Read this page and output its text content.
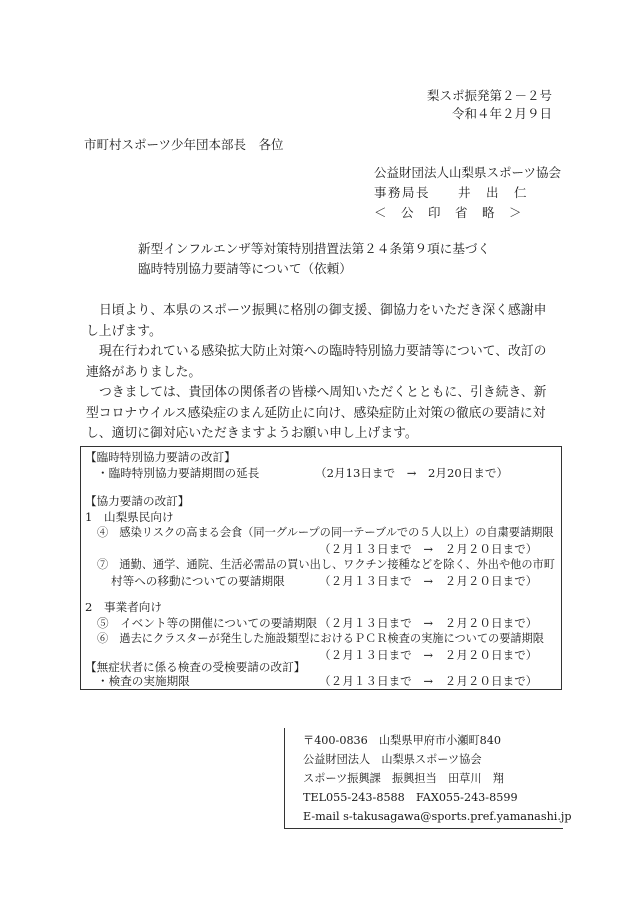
梨スポ振発第２－２号
令和４年２月９日
市町村スポーツ少年団本部長　各位
公益財団法人山梨県スポーツ協会
事務局長　　井　出　仁
＜　公　印　省　略　＞
新型インフルエンザ等対策特別措置法第２４条第９項に基づく
臨時特別協力要請等について（依頼）
日頃より、本県のスポーツ振興に格別の御支援、御協力をいただき深く感謝申し上げます。
現在行われている感染拡大防止対策への臨時特別協力要請等について、改訂の連絡がありました。
つきましては、貴団体の関係者の皆様へ周知いただくとともに、引き続き、新型コロナウイルス感染症のまん延防止に向け、感染症防止対策の徹底の要請に対し、適切に御対応いただきますようお願い申し上げます。
【臨時特別協力要請の改訂】
・臨時特別協力要請期間の延長	（2月13日まで　→　2月20日まで）
【協力要請の改訂】
1　山梨県民向け
④　感染リスクの高まる会食（同一グループの同一テーブルでの５人以上）の自粛要請期限
（２月１３日まで　→　２月２０日まで）
⑦　通勤、通学、通院、生活必需品の買い出し、ワクチン接種などを除く、外出や他の市町
村等への移動についての要請期限	（２月１３日まで　→　２月２０日まで）
2　事業者向け
⑤　イベント等の開催についての要請期限 （２月１３日まで　→　２月２０日まで）
⑥　過去にクラスターが発生した施設類型におけるＰＣＲ検査の実施についての要請期限
（２月１３日まで　→　２月２０日まで）
【無症状者に係る検査の受検要請の改訂】
・検査の実施期限	（２月１３日まで　→　２月２０日まで）
〒400-0836　山梨県甲府市小瀬町840
公益財団法人　山梨県スポーツ協会
スポーツ振興課　振興担当　田草川　翔
TEL055-243-8588　FAX055-243-8599
E-mail s-takusagawa@sports.pref.yamanashi.jp
